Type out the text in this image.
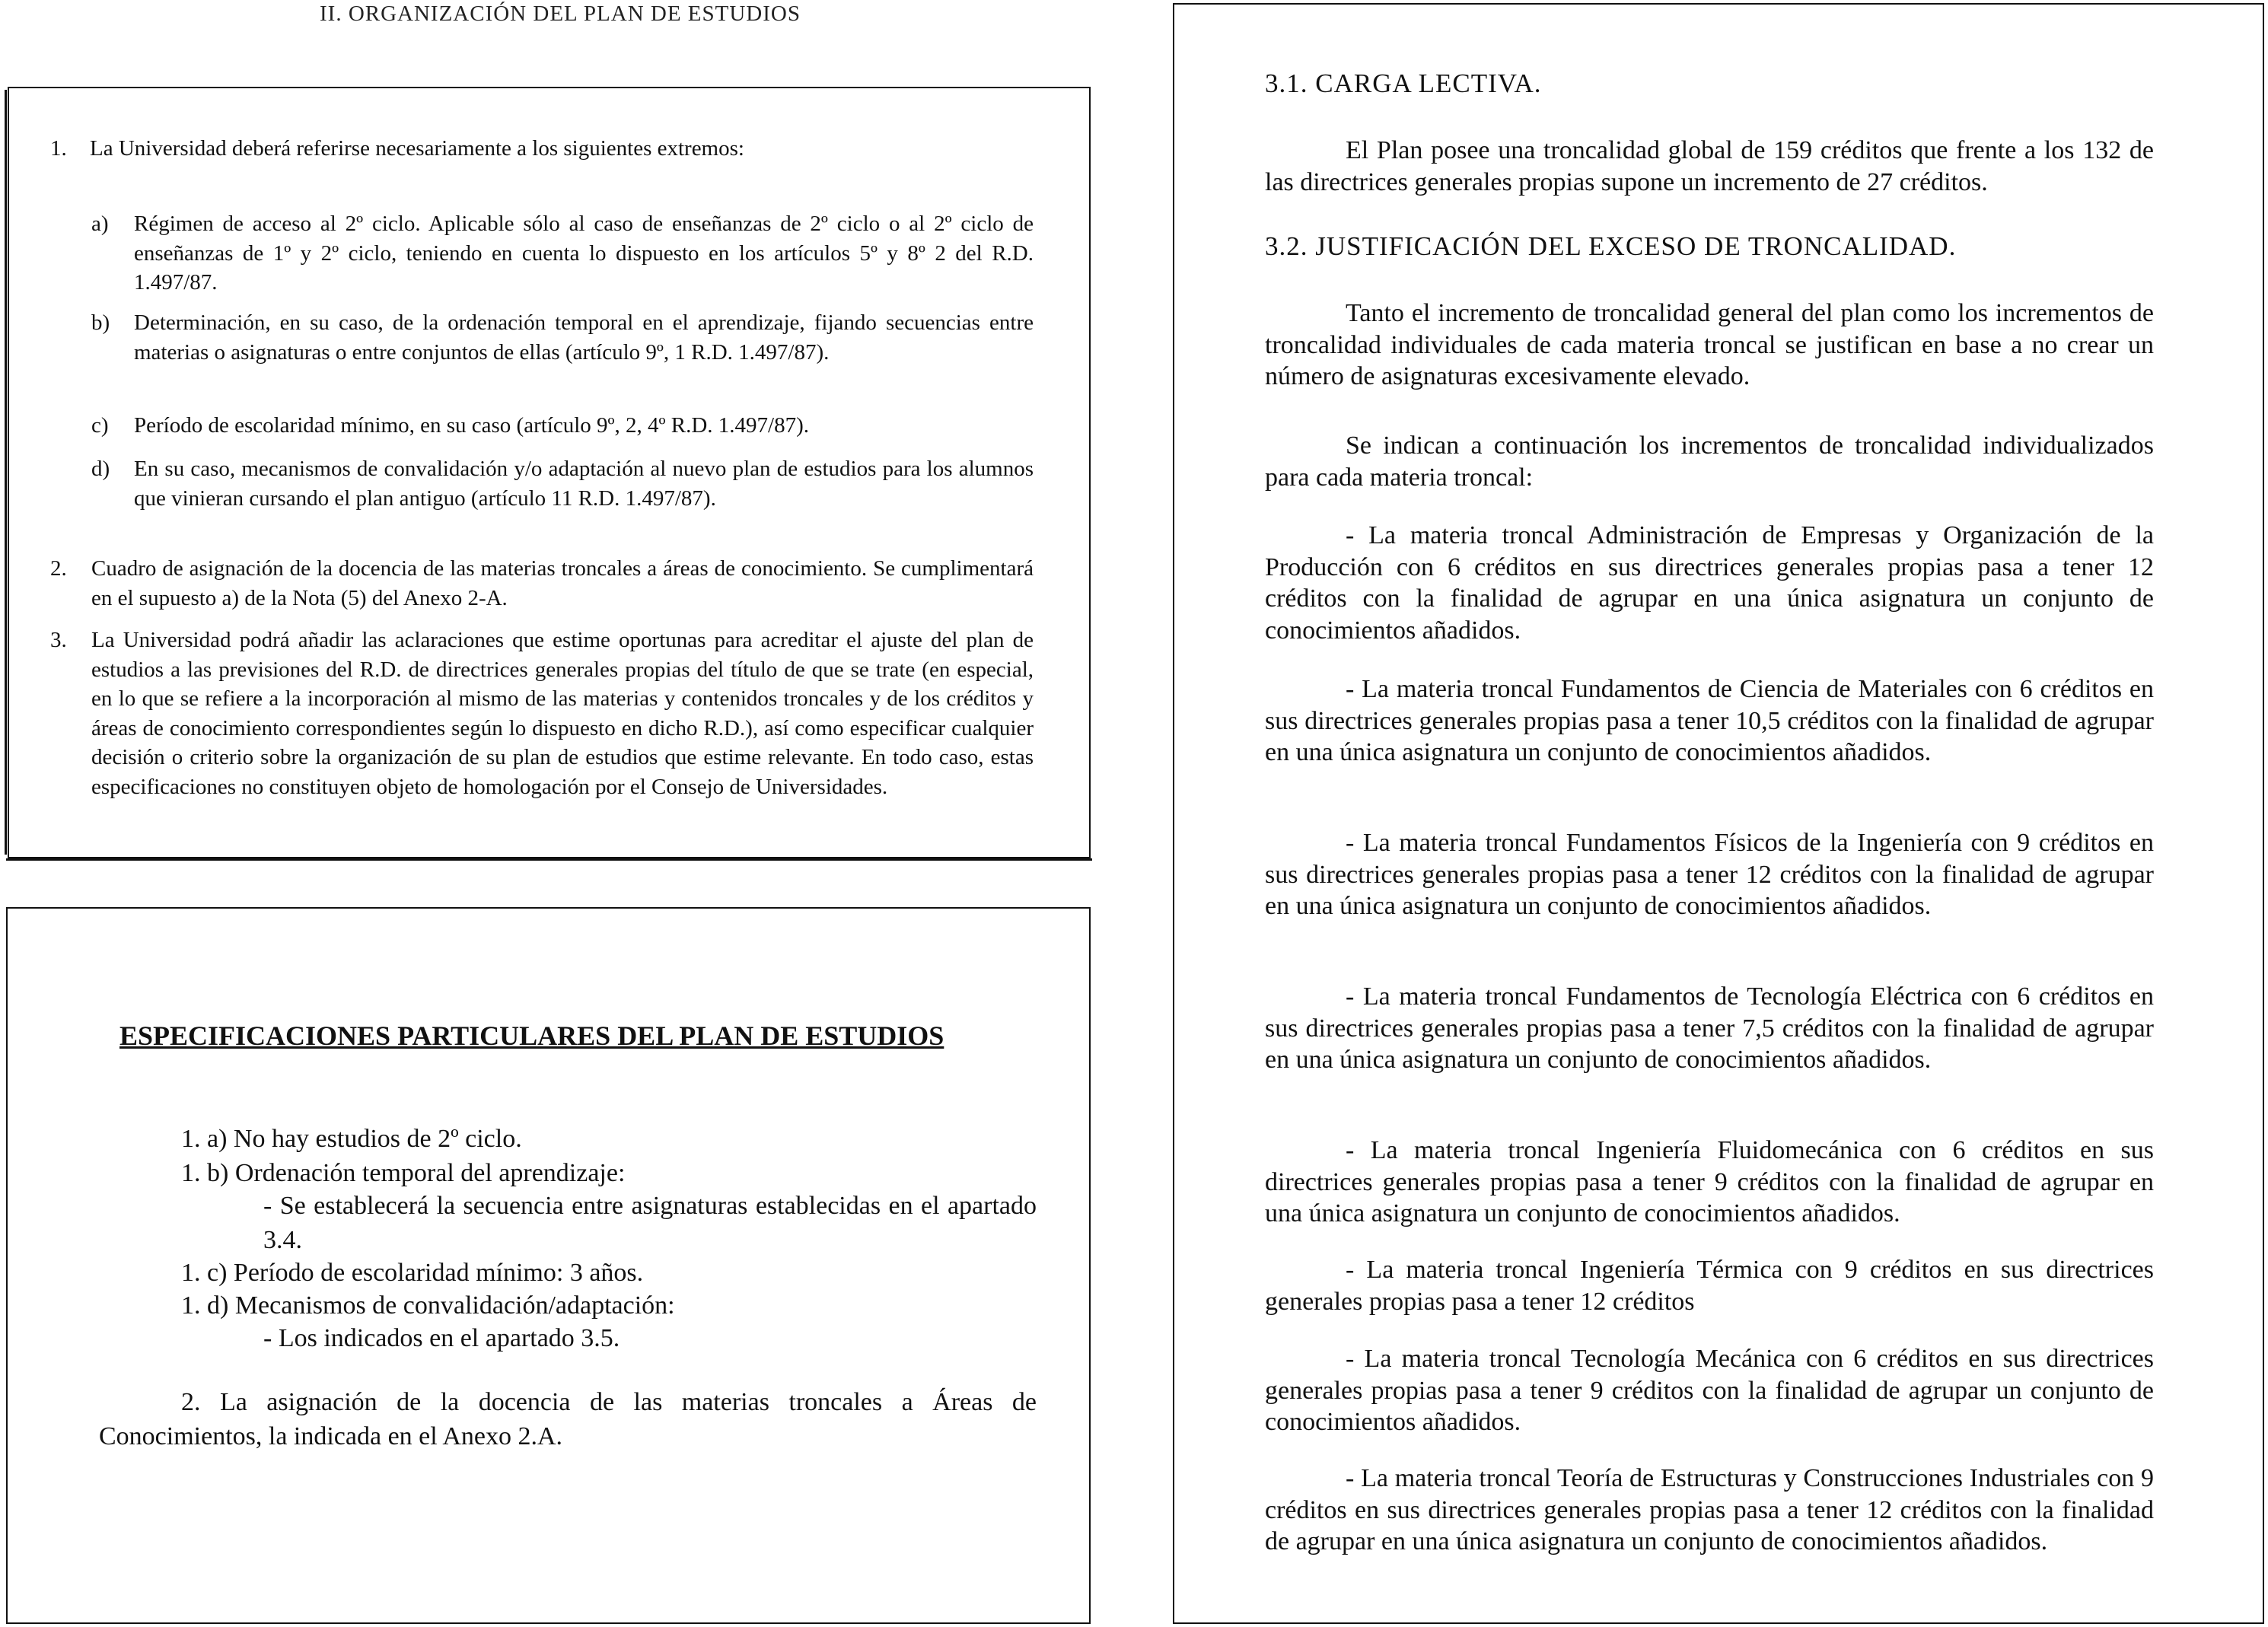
II. ORGANIZACIÓN DEL PLAN DE ESTUDIOS
1. La Universidad deberá referirse necesariamente a los siguientes extremos:
a) Régimen de acceso al 2º ciclo. Aplicable sólo al caso de enseñanzas de 2º ciclo o al 2º ciclo de enseñanzas de 1º y 2º ciclo, teniendo en cuenta lo dispuesto en los artículos 5º y 8º 2 del R.D. 1.497/87.
b) Determinación, en su caso, de la ordenación temporal en el aprendizaje, fijando secuencias entre materias o asignaturas o entre conjuntos de ellas (artículo 9º, 1 R.D. 1.497/87).
c) Período de escolaridad mínimo, en su caso (artículo 9º, 2, 4º R.D. 1.497/87).
d) En su caso, mecanismos de convalidación y/o adaptación al nuevo plan de estudios para los alumnos que vinieran cursando el plan antiguo (artículo 11 R.D. 1.497/87).
2. Cuadro de asignación de la docencia de las materias troncales a áreas de conocimiento. Se cumplimentará en el supuesto a) de la Nota (5) del Anexo 2-A.
3. La Universidad podrá añadir las aclaraciones que estime oportunas para acreditar el ajuste del plan de estudios a las previsiones del R.D. de directrices generales propias del título de que se trate (en especial, en lo que se refiere a la incorporación al mismo de las materias y contenidos troncales y de los créditos y áreas de conocimiento correspondientes según lo dispuesto en dicho R.D.), así como especificar cualquier decisión o criterio sobre la organización de su plan de estudios que estime relevante. En todo caso, estas especificaciones no constituyen objeto de homologación por el Consejo de Universidades.
ESPECIFICACIONES PARTICULARES DEL PLAN DE ESTUDIOS
1. a) No hay estudios de 2º ciclo.
1. b) Ordenación temporal del aprendizaje:
- Se establecerá la secuencia entre asignaturas establecidas en el apartado 3.4.
1. c) Período de escolaridad mínimo: 3 años.
1. d) Mecanismos de convalidación/adaptación:
- Los indicados en el apartado 3.5.
2. La asignación de la docencia de las materias troncales a Áreas de Conocimientos, la indicada en el Anexo 2.A.
3.1. CARGA LECTIVA.
El Plan posee una troncalidad global de 159 créditos que frente a los 132 de las directrices generales propias supone un incremento de 27 créditos.
3.2. JUSTIFICACIÓN DEL EXCESO DE TRONCALIDAD.
Tanto el incremento de troncalidad general del plan como los incrementos de troncalidad individuales de cada materia troncal se justifican en base a no crear un número de asignaturas excesivamente elevado.
Se indican a continuación los incrementos de troncalidad individualizados para cada materia troncal:
- La materia troncal Administración de Empresas y Organización de la Producción con 6 créditos en sus directrices generales propias pasa a tener 12 créditos con la finalidad de agrupar en una única asignatura un conjunto de conocimientos añadidos.
- La materia troncal Fundamentos de Ciencia de Materiales con 6 créditos en sus directrices generales propias pasa a tener 10,5 créditos con la finalidad de agrupar en una única asignatura un conjunto de conocimientos añadidos.
- La materia troncal Fundamentos Físicos de la Ingeniería con 9 créditos en sus directrices generales propias pasa a tener 12 créditos con la finalidad de agrupar en una única asignatura un conjunto de conocimientos añadidos.
- La materia troncal Fundamentos de Tecnología Eléctrica con 6 créditos en sus directrices generales propias pasa a tener 7,5 créditos con la finalidad de agrupar en una única asignatura un conjunto de conocimientos añadidos.
- La materia troncal Ingeniería Fluidomecánica con 6 créditos en sus directrices generales propias pasa a tener 9 créditos con la finalidad de agrupar en una única asignatura un conjunto de conocimientos añadidos.
- La materia troncal Ingeniería Térmica con 9 créditos en sus directrices generales propias pasa a tener 12 créditos
- La materia troncal Tecnología Mecánica con 6 créditos en sus directrices generales propias pasa a tener 9 créditos con la finalidad de agrupar un conjunto de conocimientos añadidos.
- La materia troncal Teoría de Estructuras y Construcciones Industriales con 9 créditos en sus directrices generales propias pasa a tener 12 créditos con la finalidad de agrupar en una única asignatura un conjunto de conocimientos añadidos.
